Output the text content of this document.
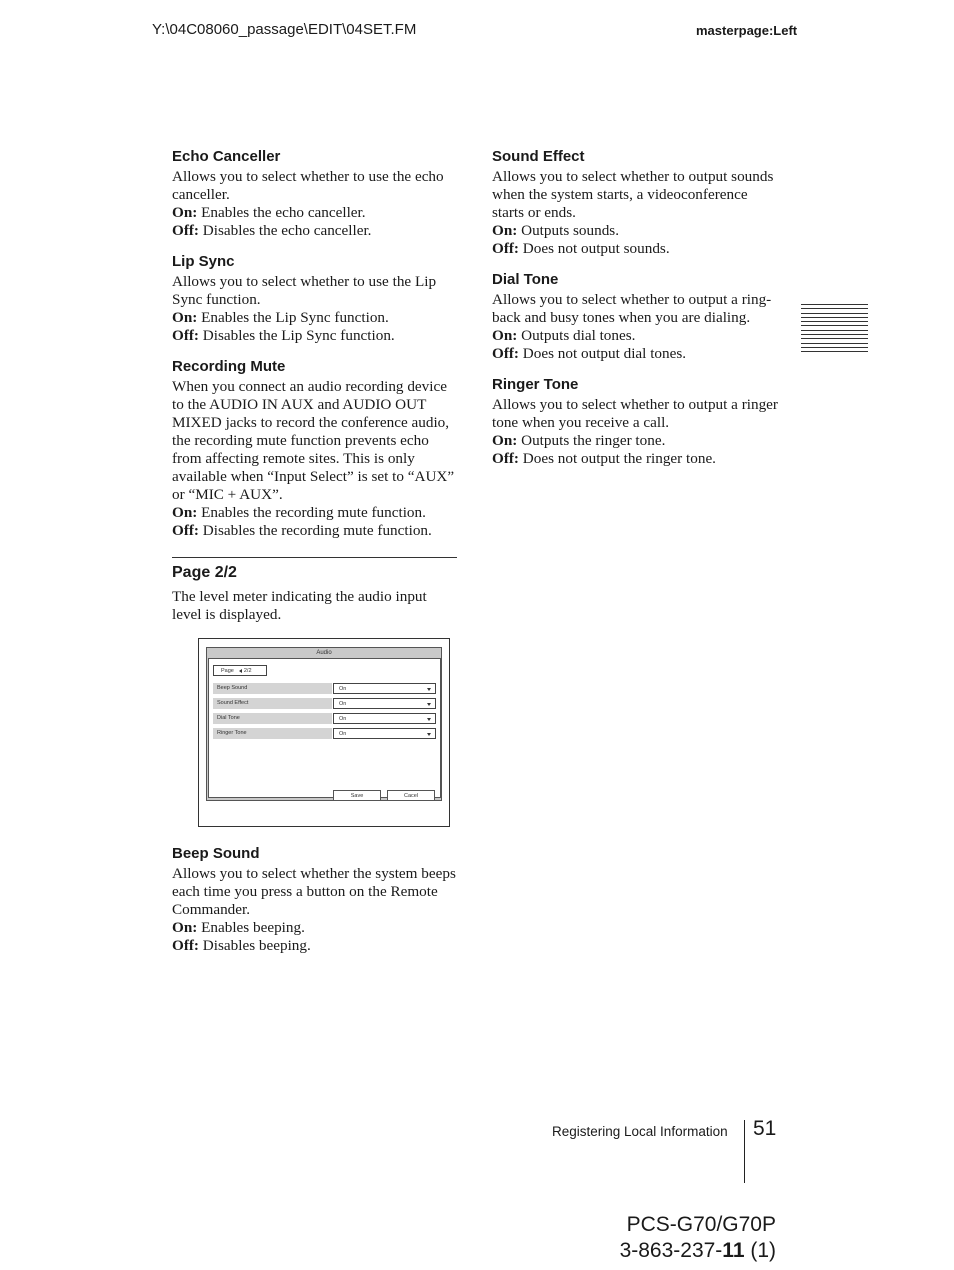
Y:\04C08060_passage\EDIT\04SET.FM	masterpage:Left
Echo Canceller

Allows you to select whether to use the echo canceller.

On: Enables the echo canceller.

Off: Disables the echo canceller.

Lip Sync

Allows you to select whether to use the Lip Sync function.

On: Enables the Lip Sync function.

Off: Disables the Lip Sync function.

Recording Mute

When you connect an audio recording device to the AUDIO IN AUX and AUDIO OUT MIXED jacks to record the conference audio, the recording mute function prevents echo from affecting remote sites. This is only available when “Input Select” is set to “AUX” or “MIC + AUX”.

On: Enables the recording mute function.

Off: Disables the recording mute function.

Page 2/2

The level meter indicating the audio input level is displayed.

Audio
Page 2/2
Beep Sound	On
Sound Effect	On
Dial Tone	On
Ringer Tone	On
Save	Cacel
Beep Sound

Allows you to select whether the system beeps each time you press a button on the Remote Commander.

On: Enables beeping.

Off: Disables beeping.

Sound Effect

Allows you to select whether to output sounds when the system starts, a videoconference starts or ends.

On: Outputs sounds.

Off: Does not output sounds.

Dial Tone

Allows you to select whether to output a ring-back and busy tones when you are dialing.

On: Outputs dial tones.

Off: Does not output dial tones.

Ringer Tone

Allows you to select whether to output a ringer tone when you receive a call.

On: Outputs the ringer tone.

Off: Does not output the ringer tone.

Registering Local Information 51
PCS-G70/G70P
3-863-237-11 (1)
